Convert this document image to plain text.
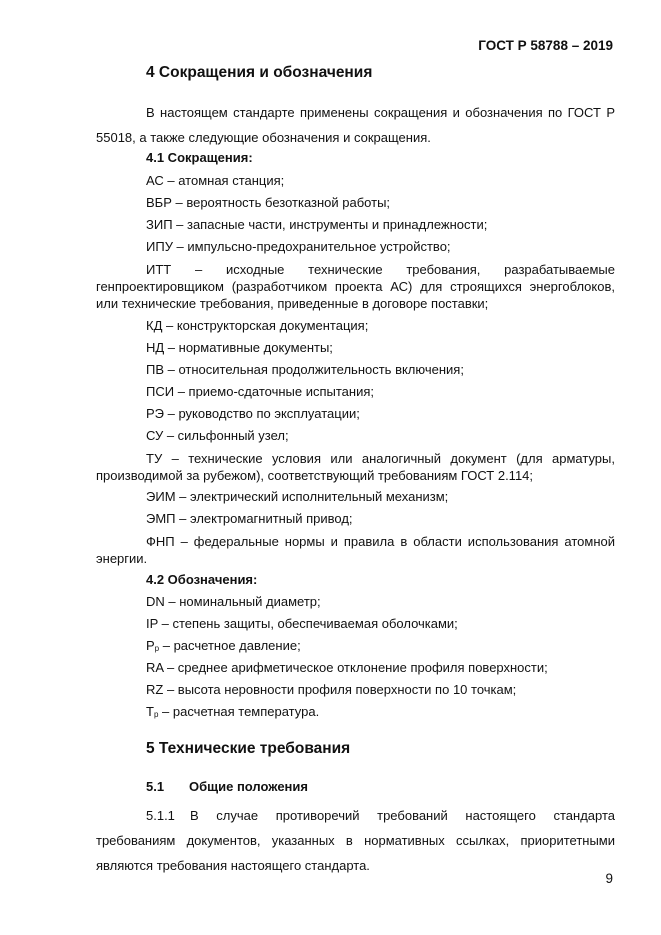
ГОСТ Р 58788 – 2019
4 Сокращения и обозначения
В настоящем стандарте применены сокращения и обозначения по ГОСТ Р 55018, а также следующие обозначения и сокращения.
4.1 Сокращения:
АС – атомная станция;
ВБР – вероятность безотказной работы;
ЗИП – запасные части, инструменты и принадлежности;
ИПУ – импульсно-предохранительное устройство;
ИТТ – исходные технические требования, разрабатываемые генпроектировщиком (разработчиком проекта АС) для строящихся энергоблоков, или технические требования, приведенные в договоре поставки;
КД – конструкторская документация;
НД – нормативные документы;
ПВ – относительная продолжительность включения;
ПСИ – приемо-сдаточные испытания;
РЭ – руководство по эксплуатации;
СУ – сильфонный узел;
ТУ – технические условия или аналогичный документ (для арматуры, производимой за рубежом), соответствующий требованиям ГОСТ 2.114;
ЭИМ – электрический исполнительный механизм;
ЭМП – электромагнитный привод;
ФНП – федеральные нормы и правила в области использования атомной энергии.
4.2 Обозначения:
DN – номинальный диаметр;
IP – степень защиты, обеспечиваемая оболочками;
$P_р$ – расчетное давление;
RA – среднее арифметическое отклонение профиля поверхности;
RZ – высота неровности профиля поверхности по 10 точкам;
$T_р$ – расчетная температура.
5 Технические требования
5.1 Общие положения
5.1.1 В случае противоречий требований настоящего стандарта требованиям документов, указанных в нормативных ссылках, приоритетными являются требования настоящего стандарта.
9
